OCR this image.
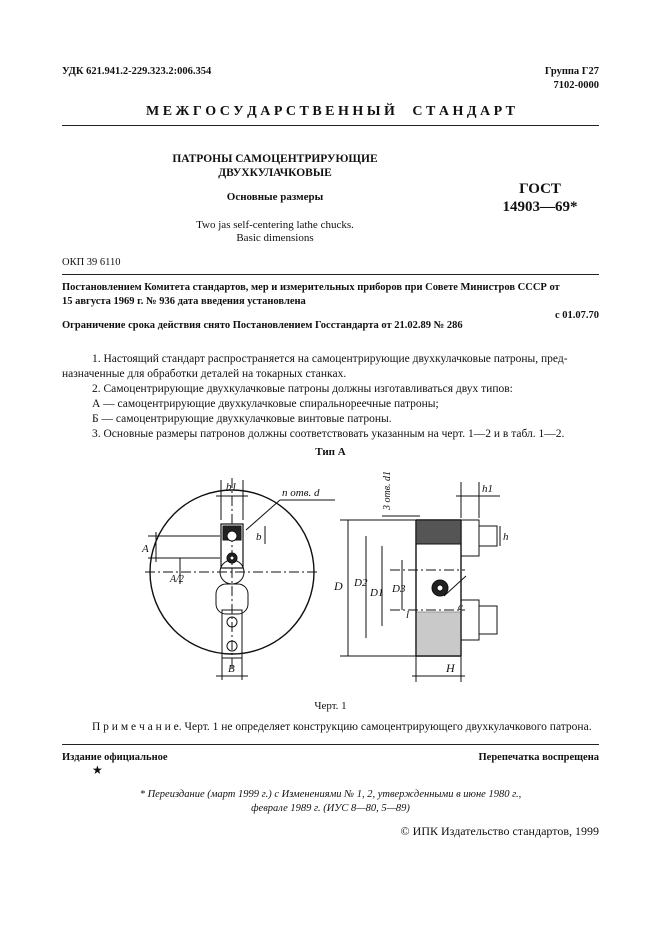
УДК 621.941.2-229.323.2:006.354	Группа Г27
7102-0000
М Е Ж Г О С У Д А Р С Т В Е Н Н Ы Й     С Т А Н Д А Р Т
ПАТРОНЫ САМОЦЕНТРИРУЮЩИЕ
ДВУХКУЛАЧКОВЫЕ
Основные размеры
Two jas self-centering lathe chucks.
Basic dimensions
ГОСТ
14903—69*
ОКП 39 6110
Постановлением Комитета стандартов, мер и измерительных приборов при Совете Министров СССР от
15 августа 1969 г. № 936 дата введения установлена
с 01.07.70
Ограничение срока действия снято Постановлением Госстандарта от 21.02.89 № 286
1. Настоящий стандарт распространяется на самоцентрирующие двухкулачковые патроны, пред-
назначенные для обработки деталей на токарных станках.
2. Самоцентрирующие двухкулачковые патроны должны изготавливаться двух типов:
А — самоцентрирующие двухкулачковые спиральнореечные патроны;
Б — самоцентрирующие двухкулачковые винтовые патроны.
3. Основные размеры патронов должны соответствовать указанным на черт. 1—2 и в табл. 1—2.
Тип А
b1	n отв. d
b
A
A/2
B
D D2
D1 D3
3 отв. d1	h1
h
l
c
H
Черт. 1
П р и м е ч а н и е. Черт. 1 не определяет конструкцию самоцентрирующего двухкулачкового патрона.
Издание официальное
★
Перепечатка воспрещена
* Переиздание (март 1999 г.) с Изменениями № 1, 2, утвержденными в июне 1980 г.,
феврале 1989 г. (ИУС 8—80, 5—89)
© ИПК Издательство стандартов, 1999
